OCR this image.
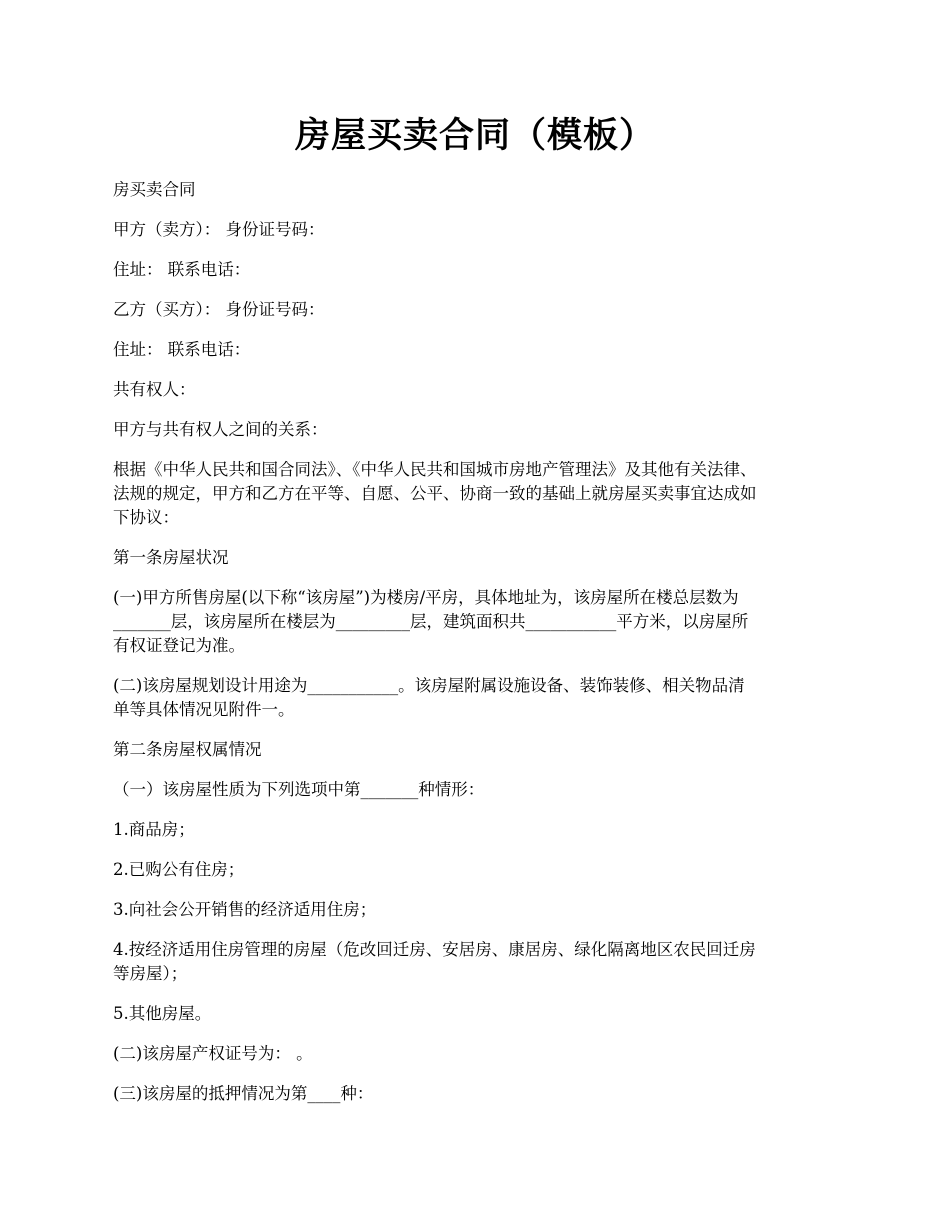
房屋买卖合同（模板）

房买卖合同

甲方（卖方）： 身份证号码：

住址： 联系电话：

乙方（买方）： 身份证号码：

住址： 联系电话：

共有权人：

甲方与共有权人之间的关系：

根据《中华人民共和国合同法》、《中华人民共和国城市房地产管理法》及其他有关法律、
法规的规定，甲方和乙方在平等、自愿、公平、协商一致的基础上就房屋买卖事宜达成如
下协议：

第一条房屋状况

(一)甲方所售房屋(以下称“该房屋”)为楼房/平房，具体地址为，该房屋所在楼总层数为
_______层，该房屋所在楼层为_________层，建筑面积共___________平方米，以房屋所
有权证登记为准。

(二)该房屋规划设计用途为___________。该房屋附属设施设备、装饰装修、相关物品清
单等具体情况见附件一。

第二条房屋权属情况

（一）该房屋性质为下列选项中第_______种情形：

1.商品房；

2.已购公有住房；

3.向社会公开销售的经济适用住房；

4.按经济适用住房管理的房屋（危改回迁房、安居房、康居房、绿化隔离地区农民回迁房
等房屋）；

5.其他房屋。

(二)该房屋产权证号为： 。

(三)该房屋的抵押情况为第____种：
